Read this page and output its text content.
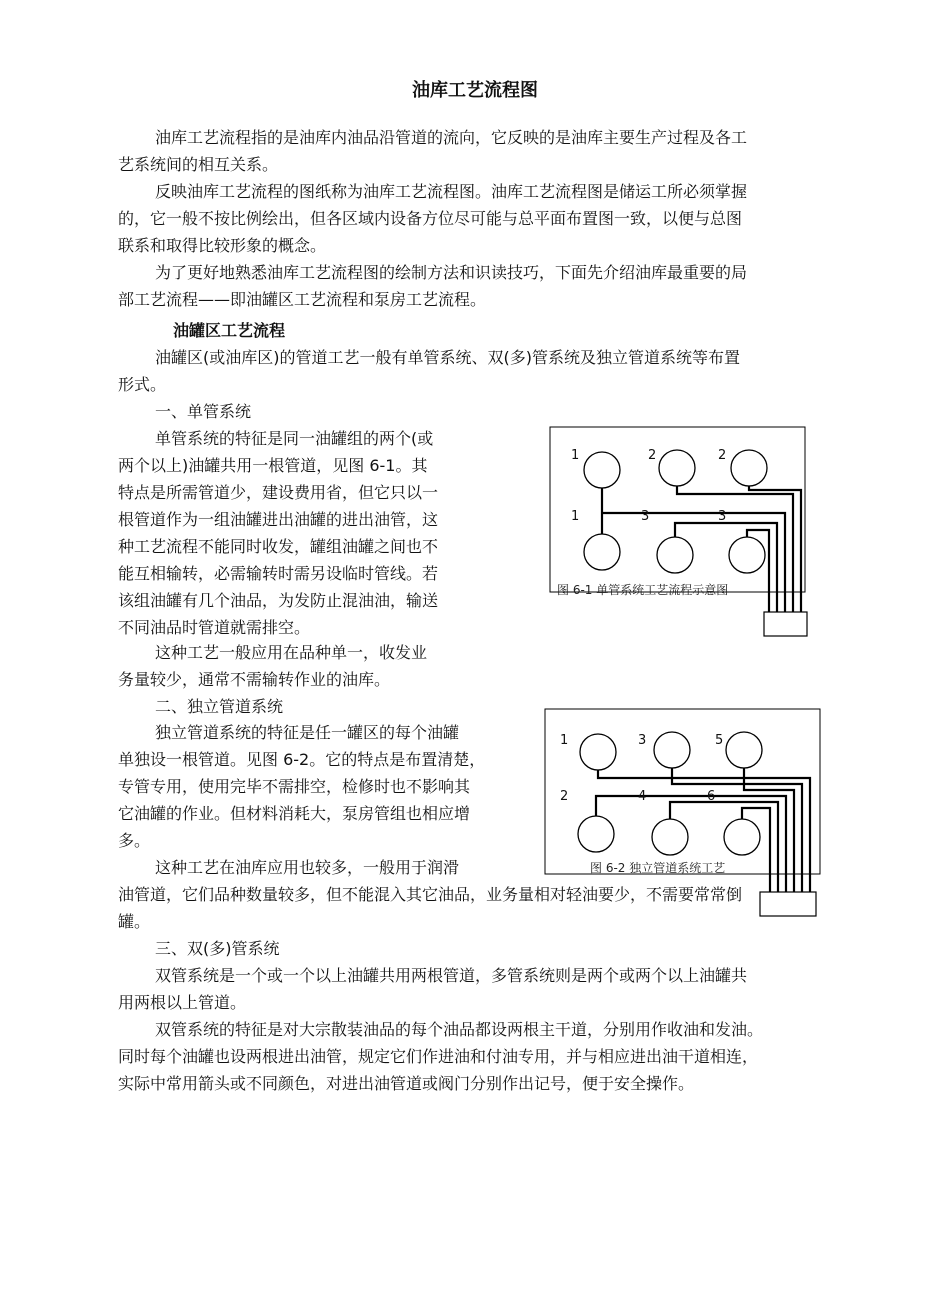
油库工艺流程图

油库工艺流程指的是油库内油品沿管道的流向，它反映的是油库主要生产过程及各工

艺系统间的相互关系。

反映油库工艺流程的图纸称为油库工艺流程图。油库工艺流程图是储运工所必须掌握

的，它一般不按比例绘出，但各区域内设备方位尽可能与总平面布置图一致，以便与总图

联系和取得比较形象的概念。

为了更好地熟悉油库工艺流程图的绘制方法和识读技巧，下面先介绍油库最重要的局

部工艺流程——即油罐区工艺流程和泵房工艺流程。

油罐区工艺流程

油罐区(或油库区)的管道工艺一般有单管系统、双(多)管系统及独立管道系统等布置

形式。

一、单管系统

单管系统的特征是同一油罐组的两个(或

两个以上)油罐共用一根管道，见图 6-1。其

特点是所需管道少，建设费用省，但它只以一

根管道作为一组油罐进出油罐的进出油管，这

种工艺流程不能同时收发，罐组油罐之间也不

能互相输转，必需输转时需另设临时管线。若

该组油罐有几个油品，为发防止混油油，输送

不同油品时管道就需排空。

这种工艺一般应用在品种单一，收发业

务量较少，通常不需输转作业的油库。

二、独立管道系统

独立管道系统的特征是任一罐区的每个油罐

单独设一根管道。见图 6-2。它的特点是布置清楚，

专管专用，使用完毕不需排空，检修时也不影响其

它油罐的作业。但材料消耗大，泵房管组也相应增

多。

这种工艺在油库应用也较多，一般用于润滑

油管道，它们品种数量较多，但不能混入其它油品，业务量相对轻油要少，不需要常常倒

罐。

三、双(多)管系统

双管系统是一个或一个以上油罐共用两根管道，多管系统则是两个或两个以上油罐共

用两根以上管道。

双管系统的特征是对大宗散装油品的每个油品都设两根主干道，分别用作收油和发油。

同时每个油罐也设两根进出油管，规定它们作进油和付油专用，并与相应进出油干道相连，

实际中常用箭头或不同颜色，对进出油管道或阀门分别作出记号，便于安全操作。

1	2	2
1	3	3
图 6-1 单管系统工艺流程示意图
1	3	5
2	4	6
图 6-2 独立管道系统工艺
